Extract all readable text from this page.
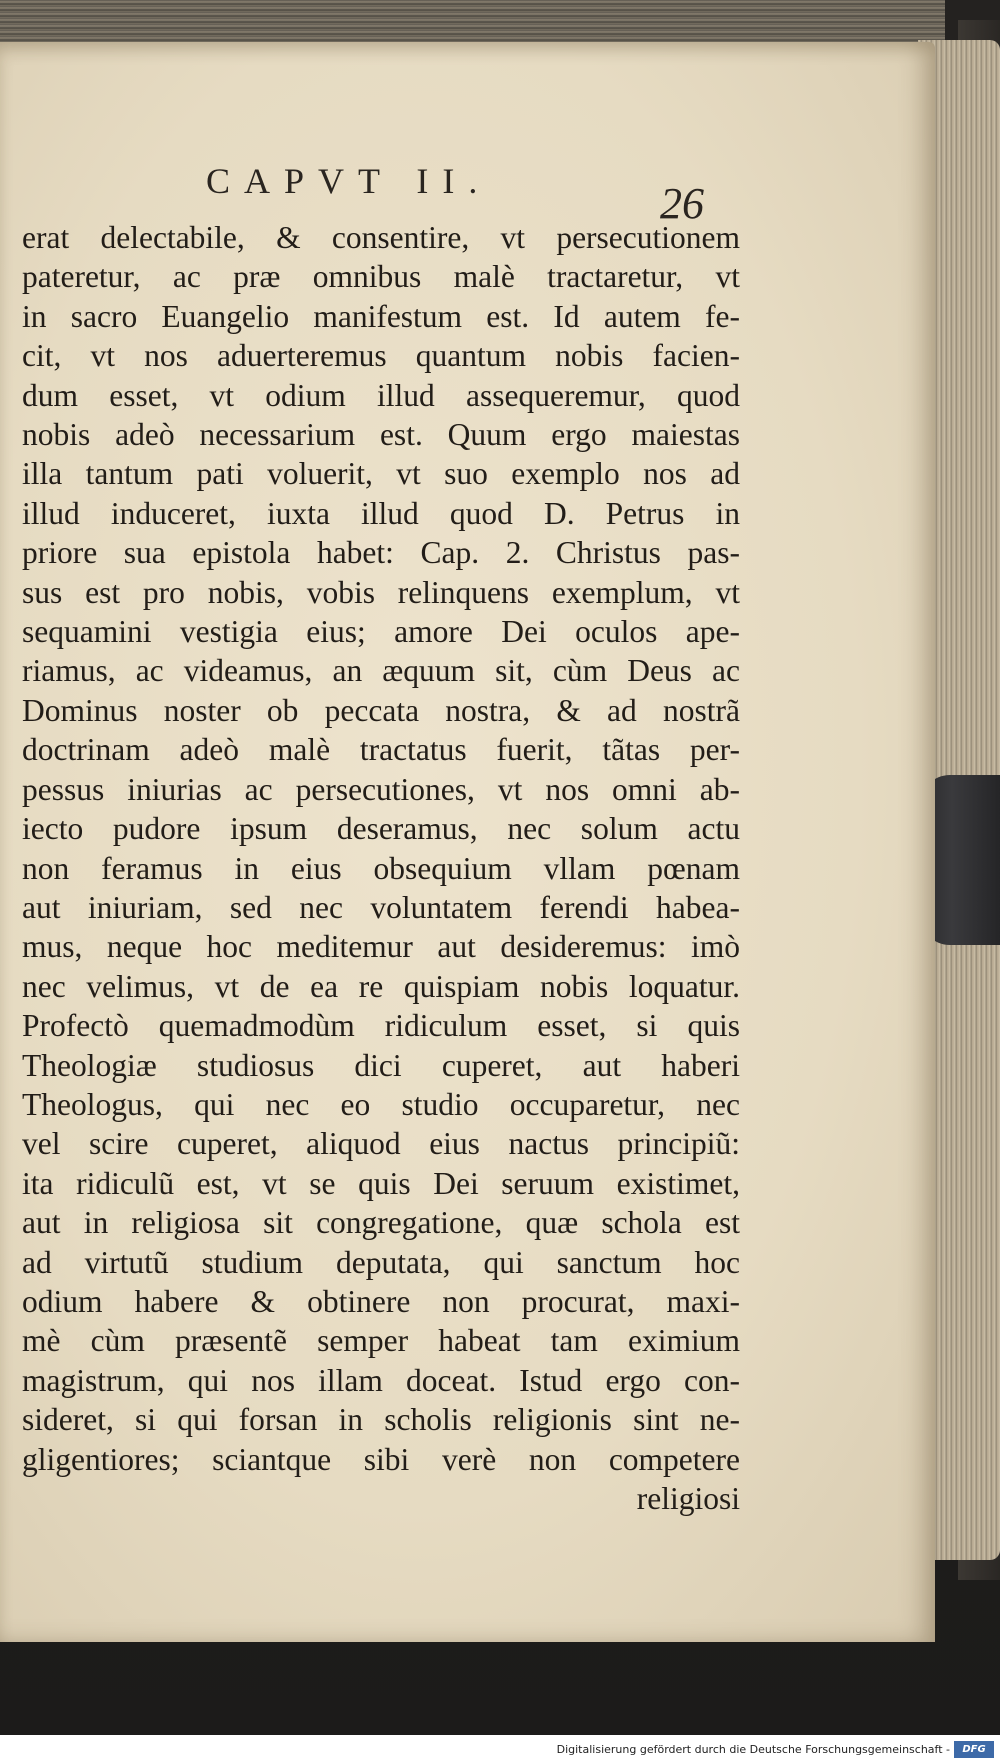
CAPVT II.	26
erat delectabile, & consentire, vt persecutionem
pateretur, ac præ omnibus malè tractaretur, vt
in sacro Euangelio manifestum est. Id autem fe-
cit, vt nos aduerteremus quantum nobis facien-
dum esset, vt odium illud assequeremur, quod
nobis adeò necessarium est. Quum ergo maiestas
illa tantum pati voluerit, vt suo exemplo nos ad
illud induceret, iuxta illud quod D. Petrus in
priore sua epistola habet: Cap. 2. Christus pas-
sus est pro nobis, vobis relinquens exemplum, vt
sequamini vestigia eius; amore Dei oculos ape-
riamus, ac videamus, an æquum sit, cùm Deus ac
Dominus noster ob peccata nostra, & ad nostrã
doctrinam adeò malè tractatus fuerit, tãtas per-
pessus iniurias ac persecutiones, vt nos omni ab-
iecto pudore ipsum deseramus, nec solum actu
non feramus in eius obsequium vllam pœnam
aut iniuriam, sed nec voluntatem ferendi habea-
mus, neque hoc meditemur aut desideremus: imò
nec velimus, vt de ea re quispiam nobis loquatur.
Profectò quemadmodùm ridiculum esset, si quis
Theologiæ studiosus dici cuperet, aut haberi
Theologus, qui nec eo studio occuparetur, nec
vel scire cuperet, aliquod eius nactus principiũ:
ita ridiculũ est, vt se quis Dei seruum existimet,
aut in religiosa sit congregatione, quæ schola est
ad virtutũ studium deputata, qui sanctum hoc
odium habere & obtinere non procurat, maxi-
mè cùm præsentẽ semper habeat tam eximium
magistrum, qui nos illam doceat. Istud ergo con-
sideret, si qui forsan in scholis religionis sint ne-
gligentiores; sciantque sibi verè non competere
religiosi
Digitalisierung gefördert durch die Deutsche Forschungsgemeinschaft -	DFG
